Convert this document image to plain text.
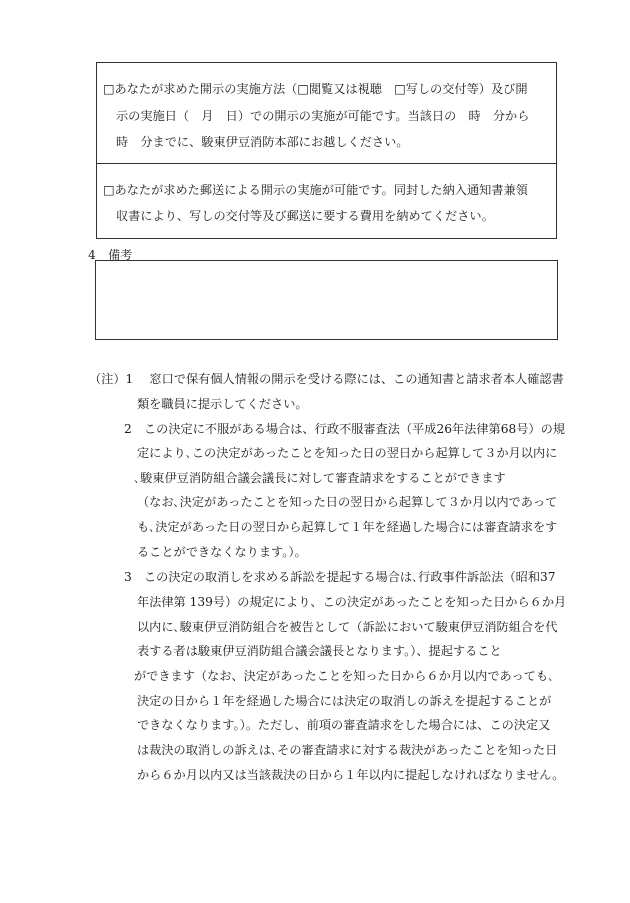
□あなたが求めた開示の実施方法（□閲覧又は視聴　□写しの交付等）及び開
示の実施日（　月　日）での開示の実施が可能です。当該日の　時　分から
時　分までに、駿東伊豆消防本部にお越しください。
□あなたが求めた郵送による開示の実施が可能です。同封した納入通知書兼領
収書により、写しの交付等及び郵送に要する費用を納めてください。
4　備考
（注）1　 窓口で保有個人情報の開示を受ける際には、この通知書と請求者本人確認書
類を職員に提示してください。
2　この決定に不服がある場合は、行政不服審査法（平成26年法律第68号）の規
定により､この決定があったことを知った日の翌日から起算して３か月以内に
､駿東伊豆消防組合議会議長に対して審査請求をすることができます
（なお､決定があったことを知った日の翌日から起算して３か月以内であって
も､決定があった日の翌日から起算して１年を経過した場合には審査請求をす
ることができなくなります。）。
3　この決定の取消しを求める訴訟を提起する場合は､行政事件訴訟法（昭和37
年法律第 139号）の規定により、この決定があったことを知った日から６か月
以内に､駿東伊豆消防組合を被告として（訴訟において駿東伊豆消防組合を代
表する者は駿東伊豆消防組合議会議長となります。）、提起すること
ができます（なお、決定があったことを知った日から６か月以内であっても､
決定の日から１年を経過した場合には決定の取消しの訴えを提起することが
できなくなります。）。ただし、前項の審査請求をした場合には、この決定又
は裁決の取消しの訴えは､その審査請求に対する裁決があったことを知った日
から６か月以内又は当該裁決の日から１年以内に提起しなければなりません。
